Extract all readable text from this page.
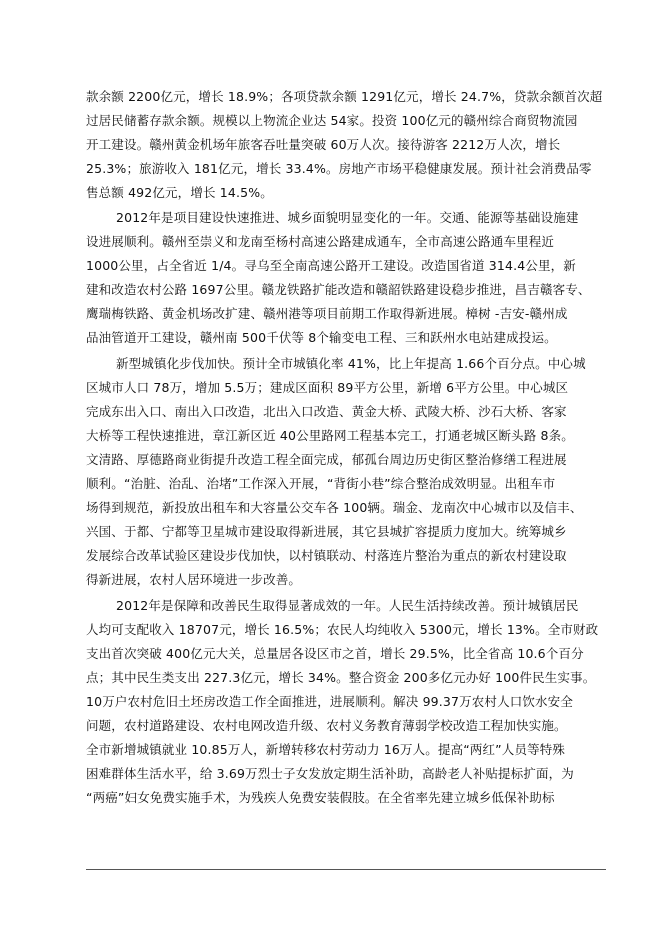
款余额 2200亿元，增长 18.9%；各项贷款余额 1291亿元，增长 24.7%，贷款余额首次超
过居民储蓄存款余额。规模以上物流企业达 54家。投资 100亿元的赣州综合商贸物流园
开工建设。赣州黄金机场年旅客吞吐量突破 60万人次。接待游客 2212万人次，增长
25.3%；旅游收入 181亿元，增长 33.4%。房地产市场平稳健康发展。预计社会消费品零
售总额 492亿元，增长 14.5%。
2012年是项目建设快速推进、城乡面貌明显变化的一年。交通、能源等基础设施建
设进展顺利。赣州至崇义和龙南至杨村高速公路建成通车，全市高速公路通车里程近
1000公里，占全省近 1/4。寻乌至全南高速公路开工建设。改造国省道 314.4公里，新
建和改造农村公路 1697公里。赣龙铁路扩能改造和赣韶铁路建设稳步推进，昌吉赣客专、
鹰瑞梅铁路、黄金机场改扩建、赣州港等项目前期工作取得新进展。樟树 -吉安-赣州成
品油管道开工建设，赣州南 500千伏等 8个输变电工程、三和跃州水电站建成投运。
新型城镇化步伐加快。预计全市城镇化率 41%，比上年提高 1.66个百分点。中心城
区城市人口 78万，增加 5.5万；建成区面积 89平方公里，新增 6平方公里。中心城区
完成东出入口、南出入口改造，北出入口改造、黄金大桥、武陵大桥、沙石大桥、客家
大桥等工程快速推进，章江新区近 40公里路网工程基本完工，打通老城区断头路 8条。
文清路、厚德路商业街提升改造工程全面完成，郁孤台周边历史街区整治修缮工程进展
顺利。“治脏、治乱、治堵”工作深入开展，“背街小巷”综合整治成效明显。出租车市
场得到规范，新投放出租车和大容量公交车各 100辆。瑞金、龙南次中心城市以及信丰、
兴国、于都、宁都等卫星城市建设取得新进展，其它县城扩容提质力度加大。统筹城乡
发展综合改革试验区建设步伐加快，以村镇联动、村落连片整治为重点的新农村建设取
得新进展，农村人居环境进一步改善。
2012年是保障和改善民生取得显著成效的一年。人民生活持续改善。预计城镇居民
人均可支配收入 18707元，增长 16.5%；农民人均纯收入 5300元，增长 13%。全市财政
支出首次突破 400亿元大关，总量居各设区市之首，增长 29.5%，比全省高 10.6个百分
点；其中民生类支出 227.3亿元，增长 34%。整合资金 200多亿元办好 100件民生实事。
10万户农村危旧土坯房改造工作全面推进，进展顺利。解决 99.37万农村人口饮水安全
问题，农村道路建设、农村电网改造升级、农村义务教育薄弱学校改造工程加快实施。
全市新增城镇就业 10.85万人，新增转移农村劳动力 16万人。提高“两红”人员等特殊
困难群体生活水平，给 3.69万烈士子女发放定期生活补助，高龄老人补贴提标扩面，为
“两癌”妇女免费实施手术，为残疾人免费安装假肢。在全省率先建立城乡低保补助标
